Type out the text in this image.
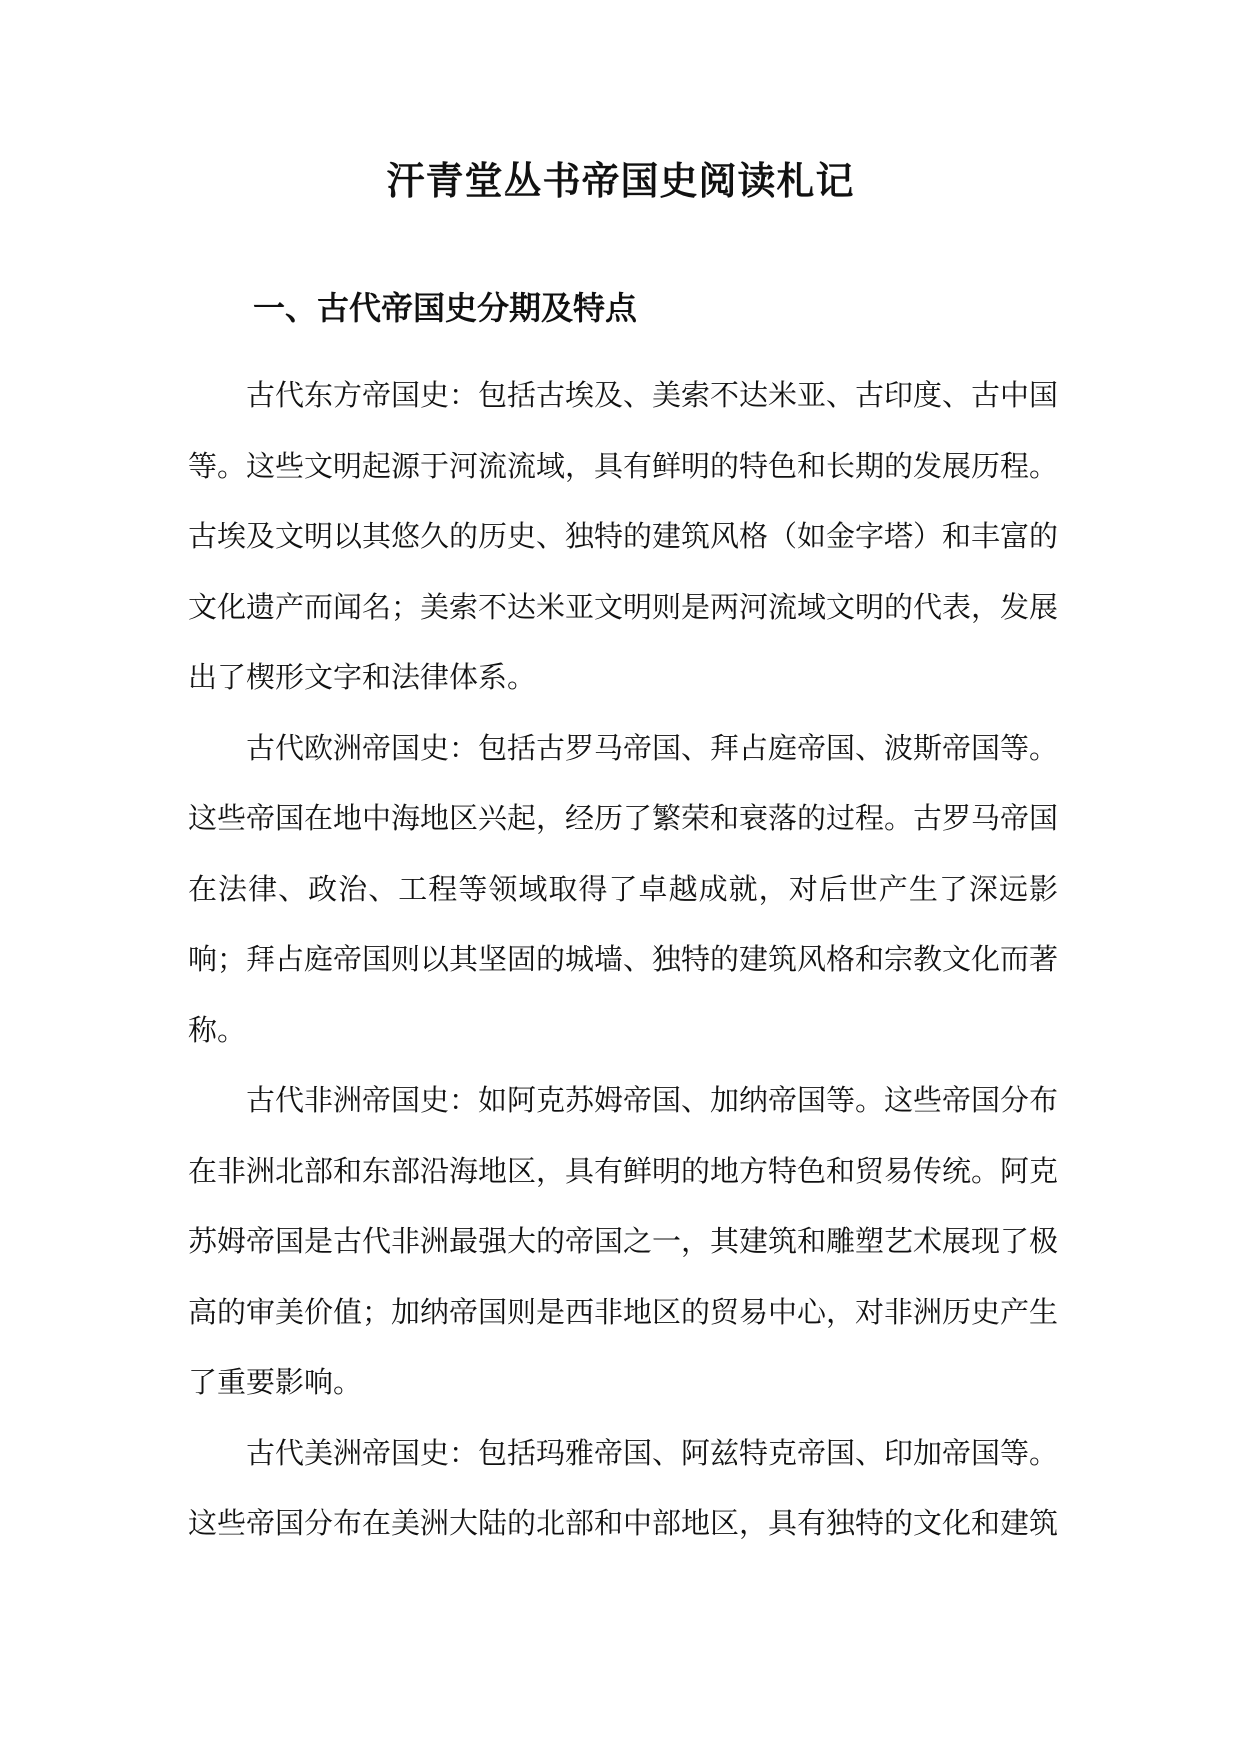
汗青堂丛书帝国史阅读札记
一、古代帝国史分期及特点

古代东方帝国史：包括古埃及、美索不达米亚、古印度、古中国等。这些文明起源于河流流域，具有鲜明的特色和长期的发展历程。古埃及文明以其悠久的历史、独特的建筑风格（如金字塔）和丰富的文化遗产而闻名；美索不达米亚文明则是两河流域文明的代表，发展出了楔形文字和法律体系。

古代欧洲帝国史：包括古罗马帝国、拜占庭帝国、波斯帝国等。这些帝国在地中海地区兴起，经历了繁荣和衰落的过程。古罗马帝国在法律、政治、工程等领域取得了卓越成就，对后世产生了深远影响；拜占庭帝国则以其坚固的城墙、独特的建筑风格和宗教文化而著称。

古代非洲帝国史：如阿克苏姆帝国、加纳帝国等。这些帝国分布在非洲北部和东部沿海地区，具有鲜明的地方特色和贸易传统。阿克苏姆帝国是古代非洲最强大的帝国之一，其建筑和雕塑艺术展现了极高的审美价值；加纳帝国则是西非地区的贸易中心，对非洲历史产生了重要影响。

古代美洲帝国史：包括玛雅帝国、阿兹特克帝国、印加帝国等。这些帝国分布在美洲大陆的北部和中部地区，具有独特的文化和建筑
